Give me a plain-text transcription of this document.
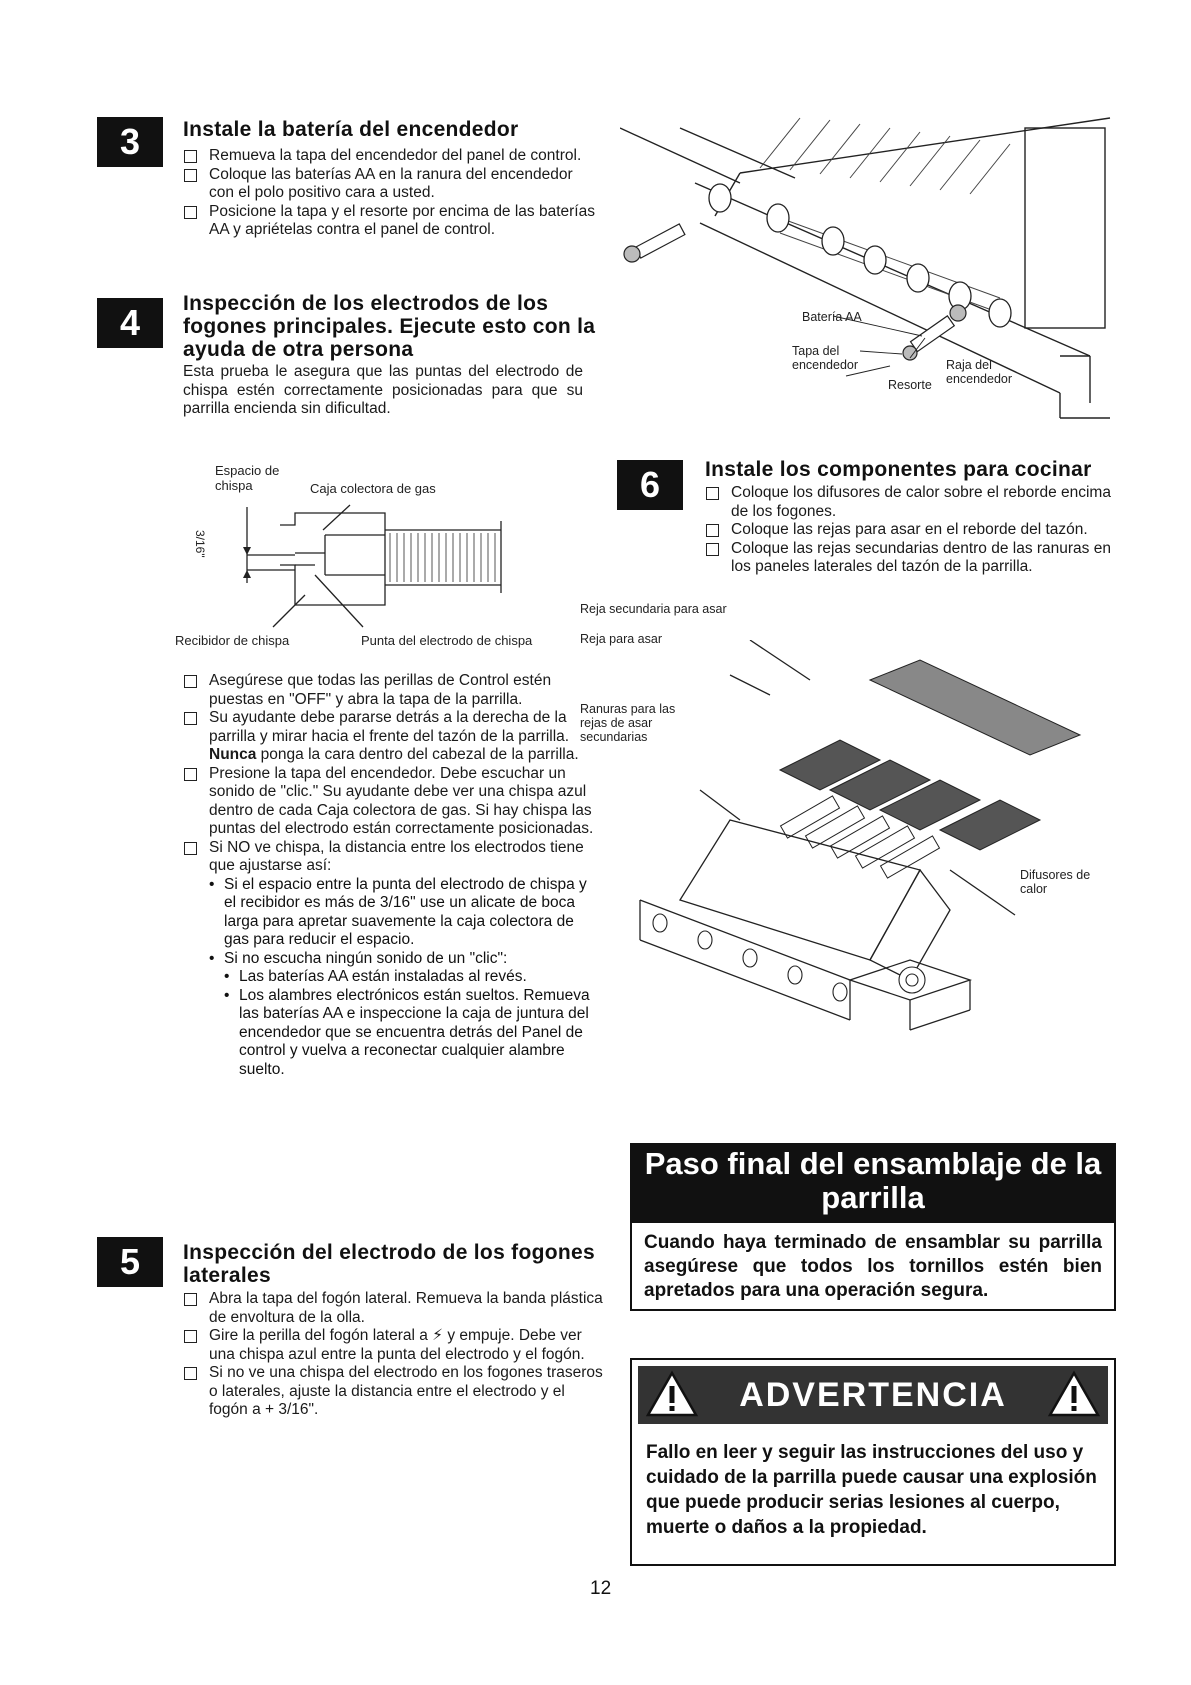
3 Instale la batería del encendedor
Remueva la tapa del encendedor del panel de control.
Coloque las baterías AA en la ranura del encendedor con el polo positivo cara a usted.
Posicione la tapa y el resorte por encima de las baterías AA y apriételas contra el panel de control.
4 Inspección de los electrodos de los fogones principales. Ejecute esto con la ayuda de otra persona
Esta prueba le asegura que las puntas del electrodo de chispa estén correctamente posicionadas para que su parrilla encienda sin dificultad.
Espacio de chispa	Caja colectora de gas
3/16"
Recibidor de chispa	Punta del electrodo de chispa
Asegúrese que todas las perillas de Control estén puestas en "OFF" y abra la tapa de la parrilla.
Su ayudante debe pararse detrás a la derecha de la parrilla y mirar hacia el frente del tazón de la parrilla. Nunca ponga la cara dentro del cabezal de la parrilla.
Presione la tapa del encendedor. Debe escuchar un sonido de "clic." Su ayudante debe ver una chispa azul dentro de cada Caja colectora de gas. Si hay chispa las puntas del electrodo están correctamente posicionadas.
Si NO ve chispa, la distancia entre los electrodos tiene que ajustarse así:
• Si el espacio entre la punta del electrodo de chispa y el recibidor es más de 3/16" use un alicate de boca larga para apretar suavemente la caja colectora de gas para reducir el espacio.
• Si no escucha ningún sonido de un "clic":
• Las baterías AA están instaladas al revés.
• Los alambres electrónicos están sueltos. Remueva las baterías AA e inspeccione la caja de juntura del encendedor que se encuentra detrás del Panel de control y vuelva a reconectar cualquier alambre suelto.
5 Inspección del electrodo de los fogones laterales
Abra la tapa del fogón lateral. Remueva la banda plástica de envoltura de la olla.
Gire la perilla del fogón lateral a ⚡ y empuje. Debe ver una chispa azul entre la punta del electrodo y el fogón.
Si no ve una chispa del electrodo en los fogones traseros o laterales, ajuste la distancia entre el electrodo y el fogón a + 3/16".
Batería AA
Tapa del encendedor
Resorte
Raja del encendedor
6 Instale los componentes para cocinar
Coloque los difusores de calor sobre el reborde encima de los fogones.
Coloque las rejas para asar en el reborde del tazón.
Coloque las rejas secundarias dentro de las ranuras en los paneles laterales del tazón de la parrilla.
Reja secundaria para asar
Reja para asar
Ranuras para las rejas de asar secundarias
Difusores de calor
Paso final del ensamblaje de la parrilla
Cuando haya terminado de ensamblar su parrilla asegúrese que todos los tornillos estén bien apretados para una operación segura.
ADVERTENCIA
Fallo en leer y seguir las instrucciones del uso y cuidado de la parrilla puede causar una explosión que puede producir serias lesiones al cuerpo, muerte o daños a la propiedad.
12
